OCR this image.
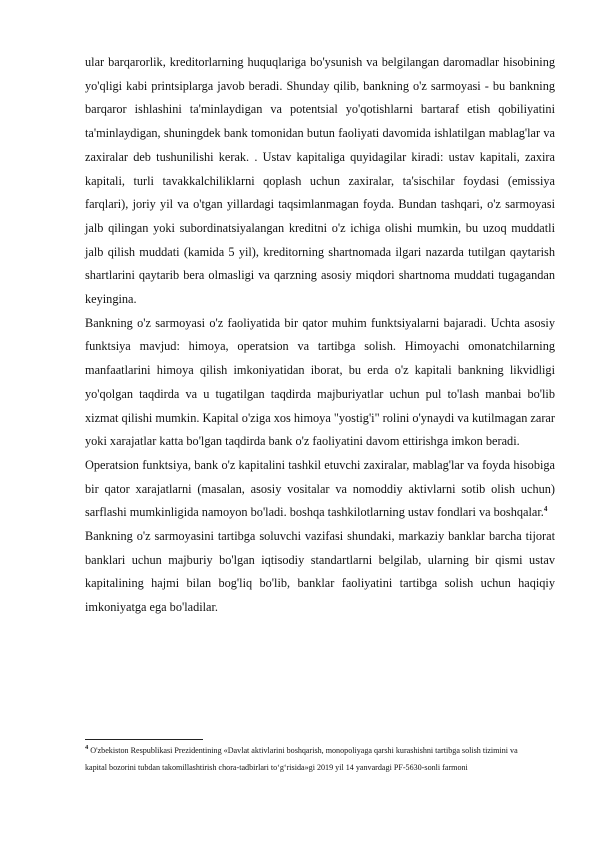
ular barqarorlik, kreditorlarning huquqlariga bo'ysunish va belgilangan daromadlar hisobining yo'qligi kabi printsiplarga javob beradi. Shunday qilib, bankning o'z sarmoyasi - bu bankning barqaror ishlashini ta'minlaydigan va potentsial yo'qotishlarni bartaraf etish qobiliyatini ta'minlaydigan, shuningdek bank tomonidan butun faoliyati davomida ishlatilgan mablag'lar va zaxiralar deb tushunilishi kerak. . Ustav kapitaliga quyidagilar kiradi: ustav kapitali, zaxira kapitali, turli tavakkalchiliklarni qoplash uchun zaxiralar, ta'sischilar foydasi (emissiya farqlari), joriy yil va o'tgan yillardagi taqsimlanmagan foyda. Bundan tashqari, o'z sarmoyasi jalb qilingan yoki subordinatsiyalangan kreditni o'z ichiga olishi mumkin, bu uzoq muddatli jalb qilish muddati (kamida 5 yil), kreditorning shartnomada ilgari nazarda tutilgan qaytarish shartlarini qaytarib bera olmasligi va qarzning asosiy miqdori shartnoma muddati tugagandan keyingina.

Bankning o'z sarmoyasi o'z faoliyatida bir qator muhim funktsiyalarni bajaradi. Uchta asosiy funktsiya mavjud: himoya, operatsion va tartibga solish. Himoyachi omonatchilarning manfaatlarini himoya qilish imkoniyatidan iborat, bu erda o'z kapitali bankning likvidligi yo'qolgan taqdirda va u tugatilgan taqdirda majburiyatlar uchun pul to'lash manbai bo'lib xizmat qilishi mumkin. Kapital o'ziga xos himoya "yostig'i" rolini o'ynaydi va kutilmagan zarar yoki xarajatlar katta bo'lgan taqdirda bank o'z faoliyatini davom ettirishga imkon beradi.

Operatsion funktsiya, bank o'z kapitalini tashkil etuvchi zaxiralar, mablag'lar va foyda hisobiga bir qator xarajatlarni (masalan, asosiy vositalar va nomoddiy aktivlarni sotib olish uchun) sarflashi mumkinligida namoyon bo'ladi. boshqa tashkilotlarning ustav fondlari va boshqalar.$^4$

Bankning o'z sarmoyasini tartibga soluvchi vazifasi shundaki, markaziy banklar barcha tijorat banklari uchun majburiy bo'lgan iqtisodiy standartlarni belgilab, ularning bir qismi ustav kapitalining hajmi bilan bog'liq bo'lib, banklar faoliyatini tartibga solish uchun haqiqiy imkoniyatga ega bo'ladilar.

$^4$ O'zbekiston Respublikasi Prezidentining «Davlat aktivlarini boshqarish, monopoliyaga qarshi kurashishni tartibga solish tizimini va kapital bozorini tubdan takomillashtirish chora-tadbirlari to‘g‘risida»gi 2019 yil 14 yanvardagi PF-5630-sonli farmoni
